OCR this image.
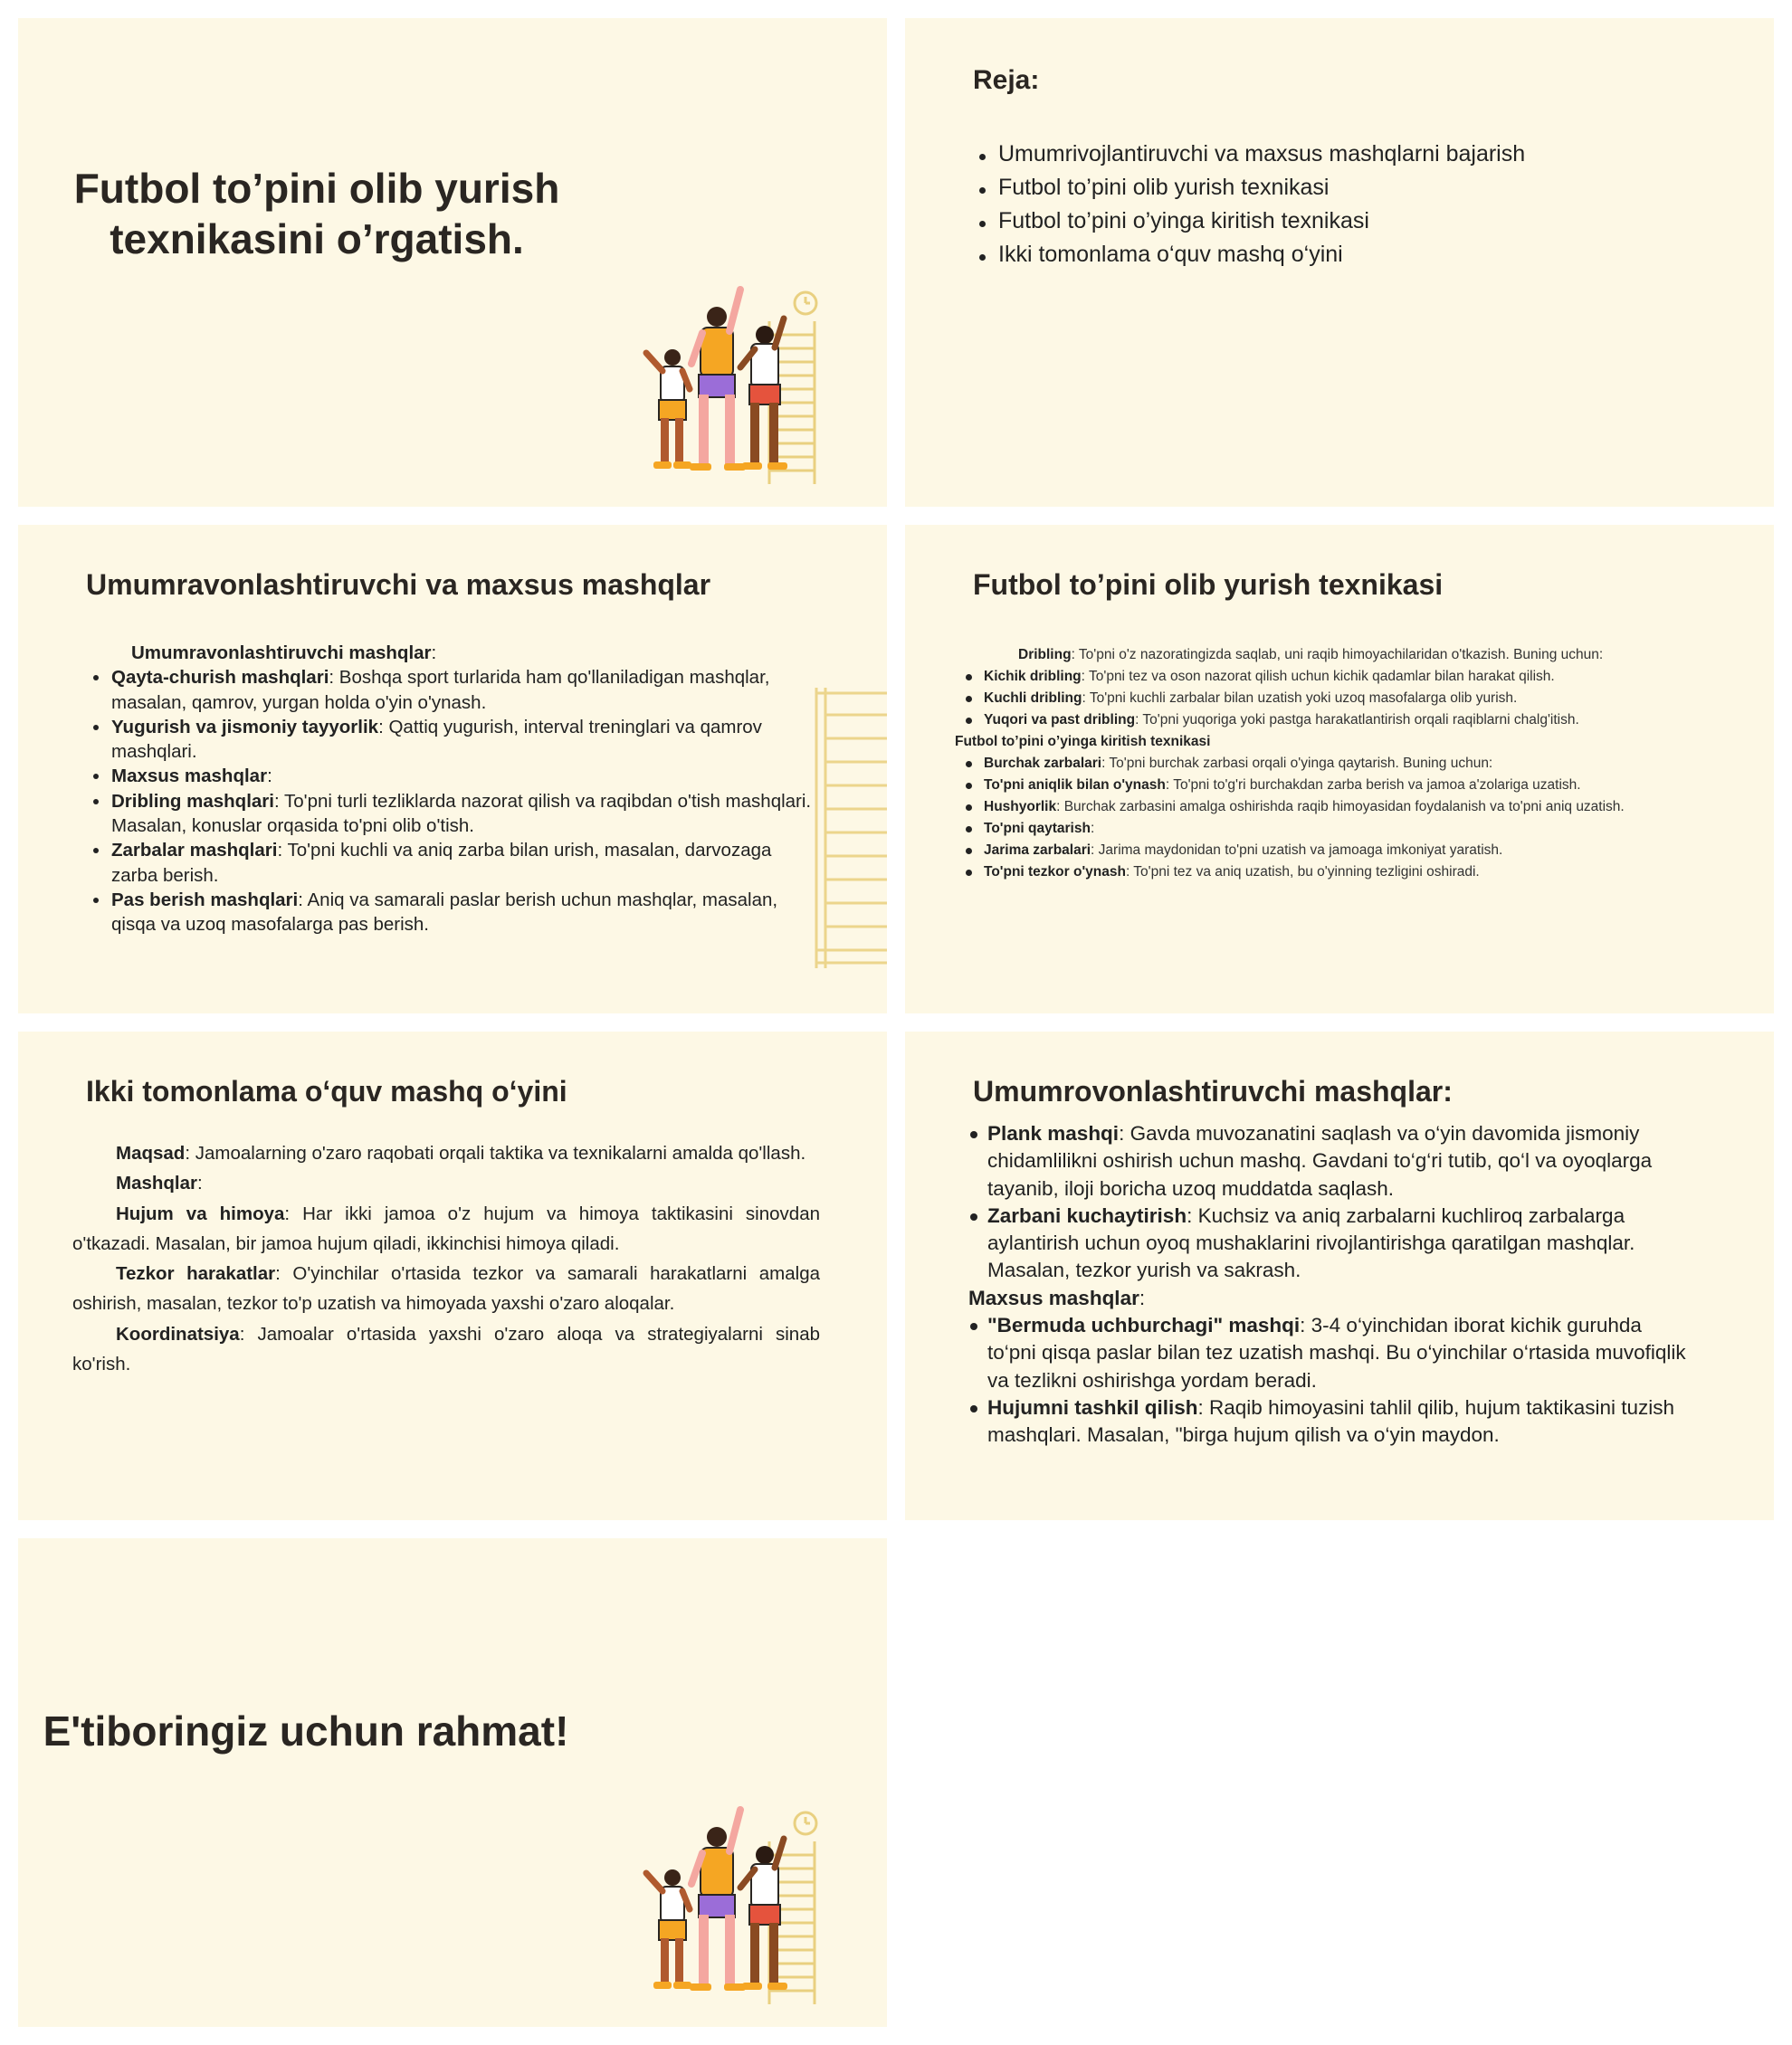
Futbol to’pini olib yurish
texnikasini o’rgatish.
Reja:
Umumrivojlantiruvchi va maxsus mashqlarni bajarish
Futbol to’pini olib yurish texnikasi
Futbol to’pini o’yinga kiritish texnikasi
Ikki tomonlama o‘quv mashq o‘yini
Umumravonlashtiruvchi va maxsus mashqlar
Umumravonlashtiruvchi mashqlar:
Qayta-churish mashqlari: Boshqa sport turlarida ham qo'llaniladigan mashqlar, masalan, qamrov, yurgan holda o'yin o'ynash.
Yugurish va jismoniy tayyorlik: Qattiq yugurish, interval treninglari va qamrov mashqlari.
Maxsus mashqlar:
Dribling mashqlari: To'pni turli tezliklarda nazorat qilish va raqibdan o'tish mashqlari. Masalan, konuslar orqasida to'pni olib o'tish.
Zarbalar mashqlari: To'pni kuchli va aniq zarba bilan urish, masalan, darvozaga zarba berish.
Pas berish mashqlari: Aniq va samarali paslar berish uchun mashqlar, masalan, qisqa va uzoq masofalarga pas berish.
Futbol to’pini olib yurish texnikasi
Dribling: To'pni o'z nazoratingizda saqlab, uni raqib himoyachilaridan o'tkazish. Buning uchun:
Kichik dribling: To'pni tez va oson nazorat qilish uchun kichik qadamlar bilan harakat qilish.
Kuchli dribling: To'pni kuchli zarbalar bilan uzatish yoki uzoq masofalarga olib yurish.
Yuqori va past dribling: To'pni yuqoriga yoki pastga harakatlantirish orqali raqiblarni chalg'itish.
Futbol to’pini o’yinga kiritish texnikasi
Burchak zarbalari: To'pni burchak zarbasi orqali o'yinga qaytarish. Buning uchun:
To'pni aniqlik bilan o'ynash: To'pni to'g'ri burchakdan zarba berish va jamoa a'zolariga uzatish.
Hushyorlik: Burchak zarbasini amalga oshirishda raqib himoyasidan foydalanish va to'pni aniq uzatish.
To'pni qaytarish:
Jarima zarbalari: Jarima maydonidan to'pni uzatish va jamoaga imkoniyat yaratish.
To'pni tezkor o'ynash: To'pni tez va aniq uzatish, bu o'yinning tezligini oshiradi.
Ikki tomonlama o‘quv mashq o‘yini

Maqsad: Jamoalarning o'zaro raqobati orqali taktika va texnikalarni amalda qo'llash.

Mashqlar:

Hujum va himoya: Har ikki jamoa o'z hujum va himoya taktikasini sinovdan o'tkazadi. Masalan, bir jamoa hujum qiladi, ikkinchisi himoya qiladi.

Tezkor harakatlar: O'yinchilar o'rtasida tezkor va samarali harakatlarni amalga oshirish, masalan, tezkor to'p uzatish va himoyada yaxshi o'zaro aloqalar.

Koordinatsiya: Jamoalar o'rtasida yaxshi o'zaro aloqa va strategiyalarni sinab ko'rish.

Umumrovonlashtiruvchi mashqlar:
Plank mashqi: Gavda muvozanatini saqlash va o‘yin davomida jismoniy chidamlilikni oshirish uchun mashq. Gavdani to‘g‘ri tutib, qo‘l va oyoqlarga tayanib, iloji boricha uzoq muddatda saqlash.
Zarbani kuchaytirish: Kuchsiz va aniq zarbalarni kuchliroq zarbalarga aylantirish uchun oyoq mushaklarini rivojlantirishga qaratilgan mashqlar. Masalan, tezkor yurish va sakrash.
Maxsus mashqlar:
"Bermuda uchburchagi" mashqi: 3-4 o‘yinchidan iborat kichik guruhda to‘pni qisqa paslar bilan tez uzatish mashqi. Bu o‘yinchilar o‘rtasida muvofiqlik va tezlikni oshirishga yordam beradi.
Hujumni tashkil qilish: Raqib himoyasini tahlil qilib, hujum taktikasini tuzish mashqlari. Masalan, "birga hujum qilish va o‘yin maydon.
E'tiboringiz uchun rahmat!
